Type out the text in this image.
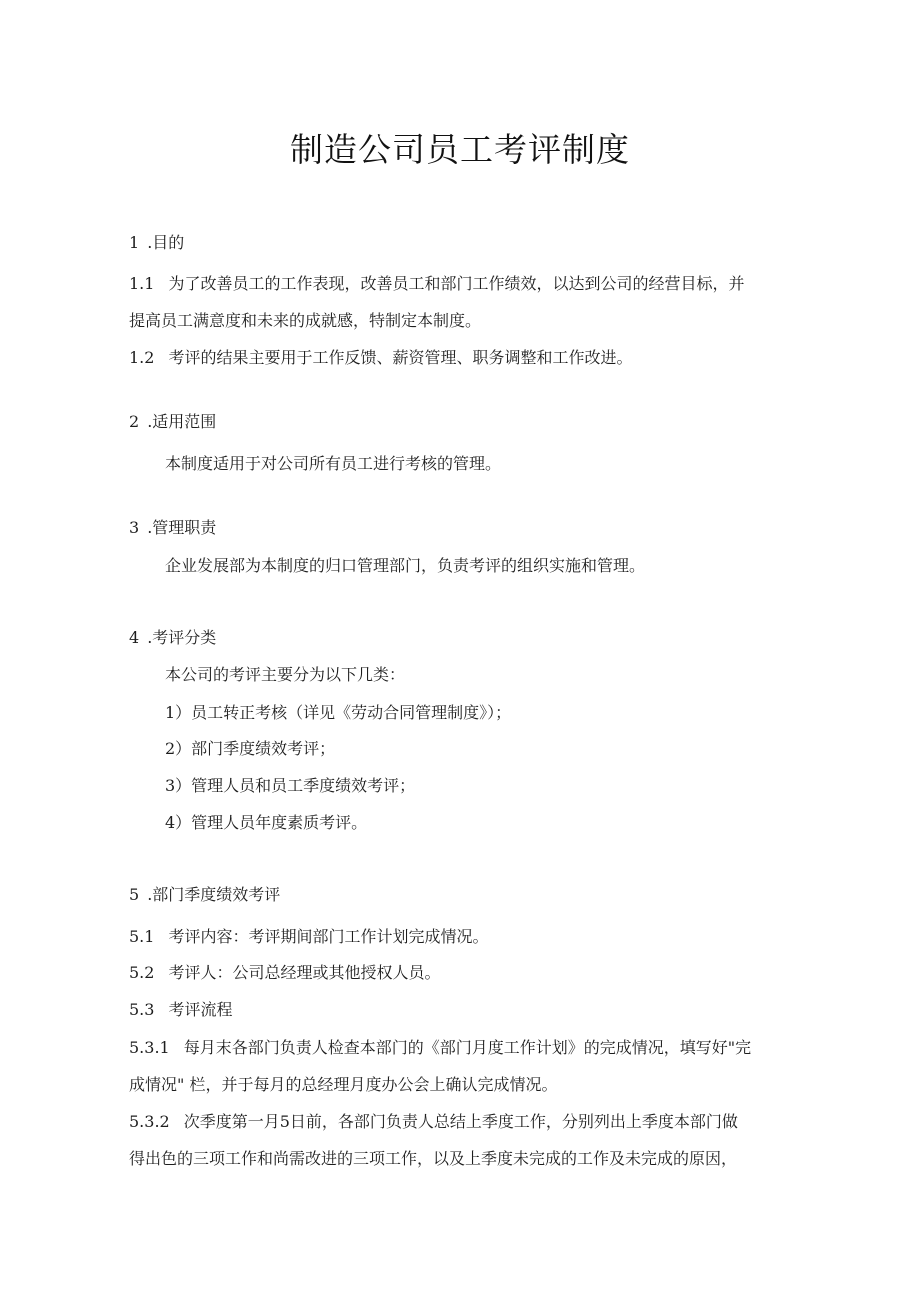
制造公司员工考评制度
1 .目的
1.1 为了改善员工的工作表现，改善员工和部门工作绩效，以达到公司的经营目标，并
提高员工满意度和未来的成就感，特制定本制度。
1.2 考评的结果主要用于工作反馈、薪资管理、职务调整和工作改进。
2 .适用范围
本制度适用于对公司所有员工进行考核的管理。
3 .管理职责
企业发展部为本制度的归口管理部门，负责考评的组织实施和管理。
4 .考评分类
本公司的考评主要分为以下几类：
1）员工转正考核（详见《劳动合同管理制度》）；
2）部门季度绩效考评；
3）管理人员和员工季度绩效考评；
4）管理人员年度素质考评。
5 .部门季度绩效考评
5.1 考评内容：考评期间部门工作计划完成情况。
5.2 考评人：公司总经理或其他授权人员。
5.3 考评流程
5.3.1 每月末各部门负责人检查本部门的《部门月度工作计划》的完成情况，填写好"完
成情况" 栏，并于每月的总经理月度办公会上确认完成情况。
5.3.2 次季度第一月5日前，各部门负责人总结上季度工作，分别列出上季度本部门做
得出色的三项工作和尚需改进的三项工作，以及上季度未完成的工作及未完成的原因，
